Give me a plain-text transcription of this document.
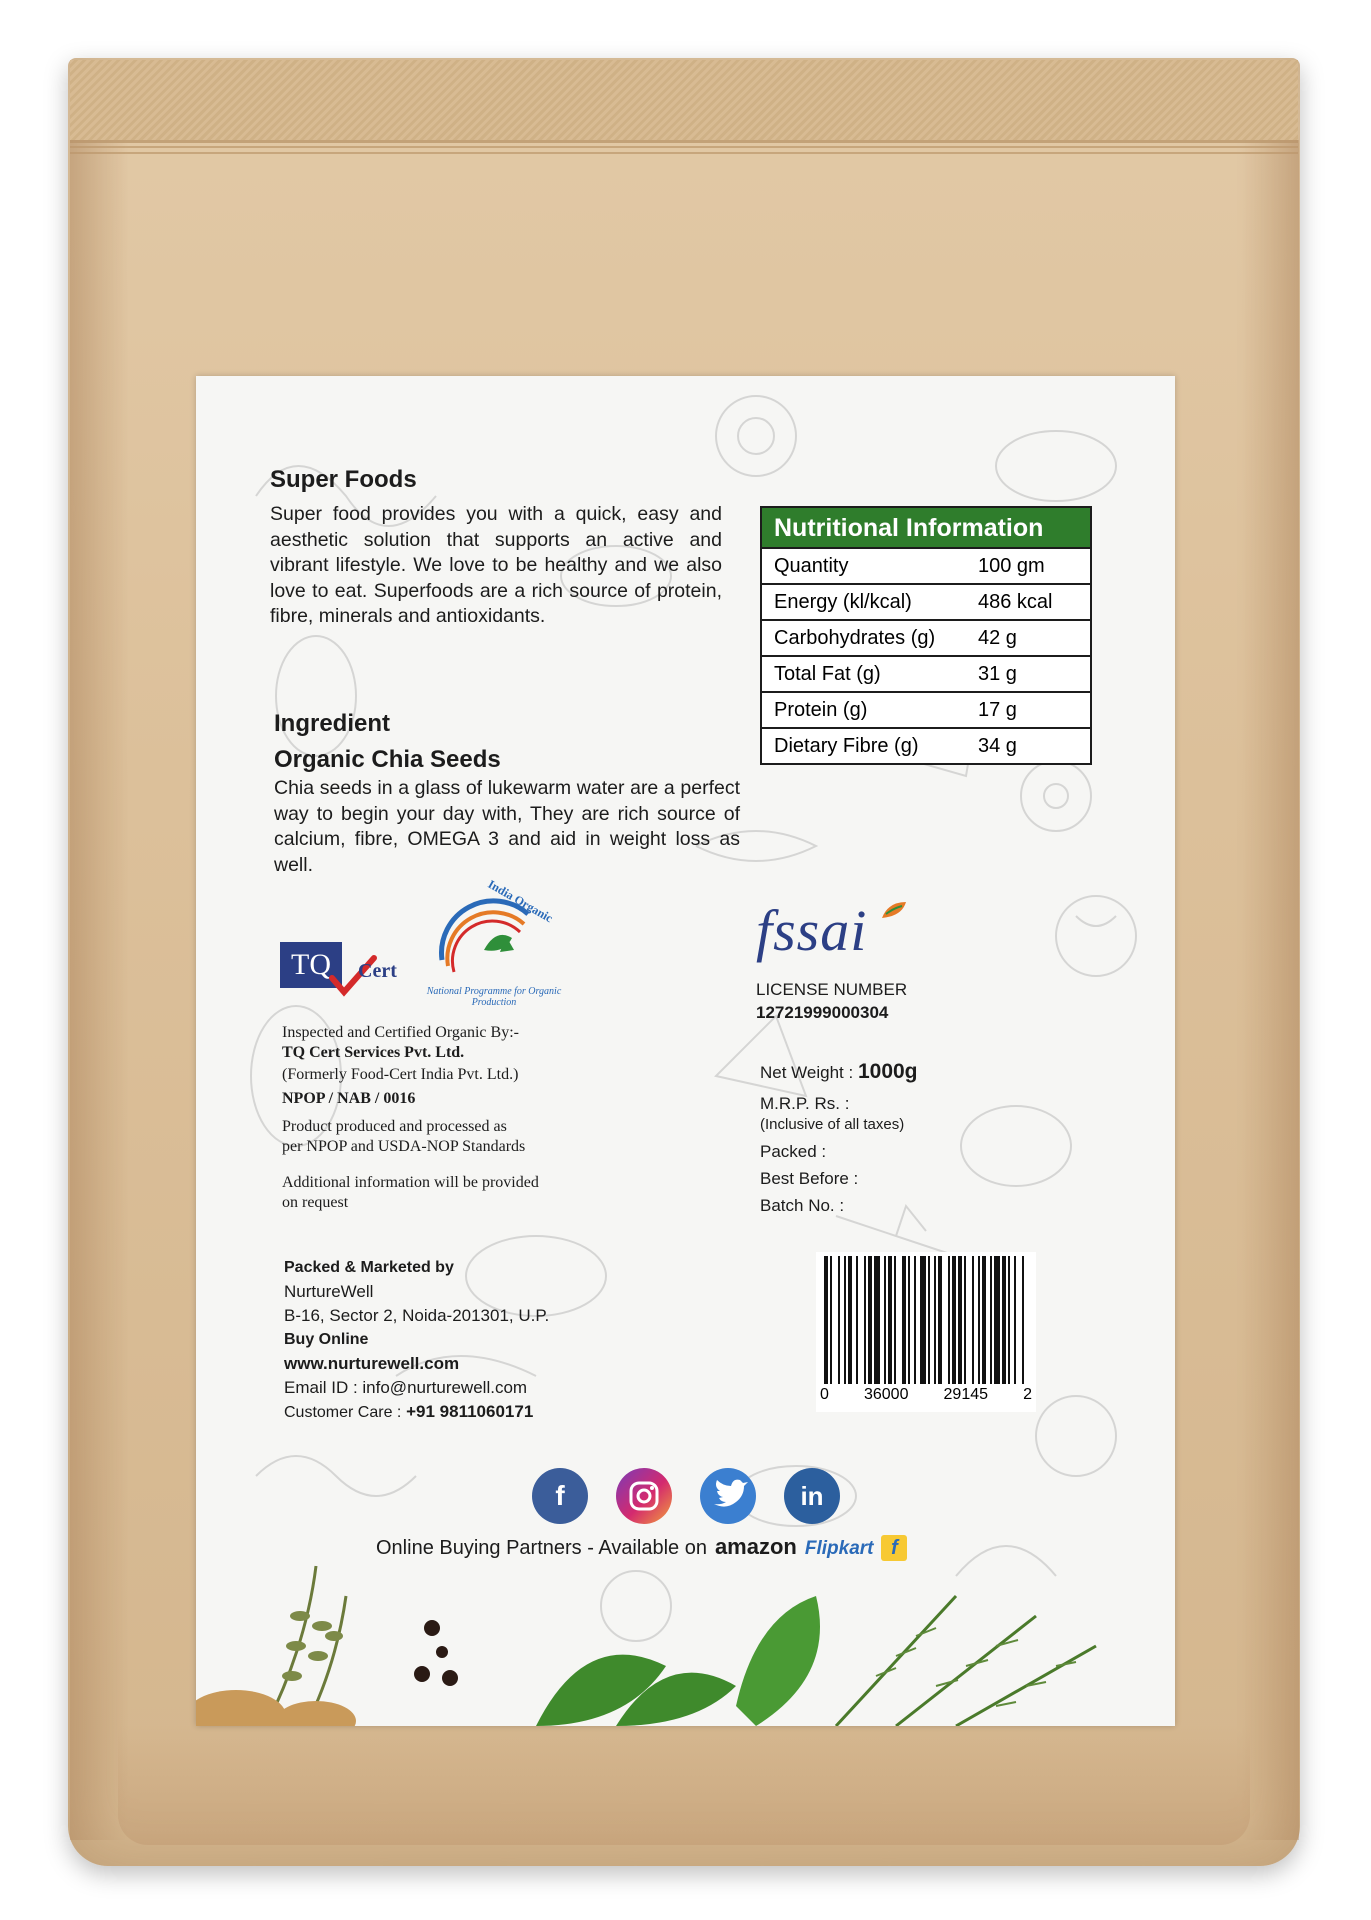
Super Foods
Super food provides you with a quick, easy and aesthetic solution that supports an active and vibrant lifestyle. We love to be healthy and we also love to eat. Superfoods are a rich source of protein, fibre, minerals and antioxidants.
Nutritional Information
Quantity	100 gm
Energy (kl/kcal)	486 kcal
Carbohydrates (g)	42 g
Total Fat (g)	31 g
Protein (g)	17 g
Dietary Fibre (g)	34 g
Ingredient
Organic Chia Seeds
Chia seeds in a glass of lukewarm water are a perfect way to begin your day with, They are rich source of calcium, fibre, OMEGA 3 and aid in weight loss as well.
TQ	Cert
India Organic
National Programme for Organic Production
Inspected and Certified Organic By:-
TQ Cert Services Pvt. Ltd.
(Formerly Food-Cert India Pvt. Ltd.)
NPOP / NAB / 0016
Product produced and processed as
per NPOP and USDA-NOP Standards
Additional information will be provided
on request
fssai
LICENSE NUMBER
12721999000304
Net Weight : 1000g
M.R.P. Rs. :
(Inclusive of all taxes)
Packed :
Best Before :
Batch No. :
Packed & Marketed by
NurtureWell
B-16, Sector 2, Noida-201301, U.P.
Buy Online
www.nurturewell.com
Email ID : info@nurturewell.com
Customer Care : +91 9811060171
0 36000 29145 2
f	in
Online Buying Partners - Available on amazon Flipkart f
